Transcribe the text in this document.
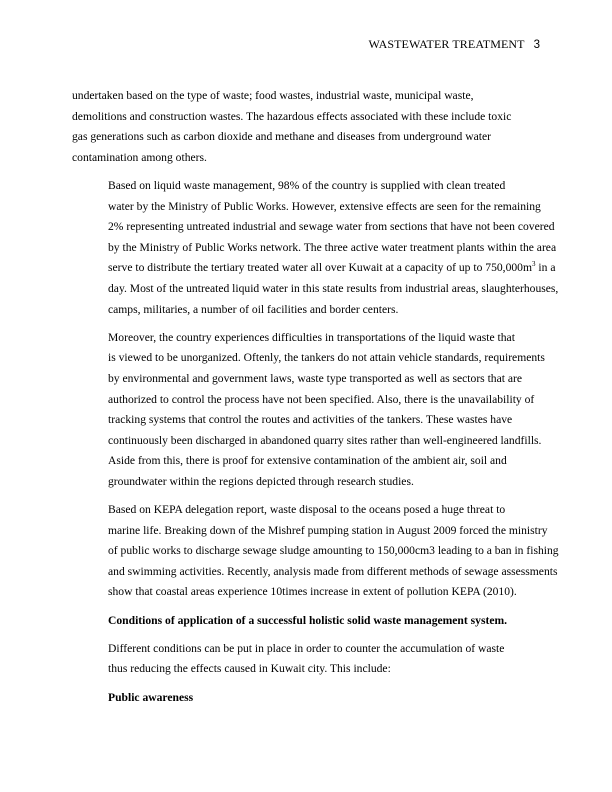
WASTEWATER TREATMENT 3

undertaken based on the type of waste; food wastes, industrial waste, municipal waste,
demolitions and construction wastes. The hazardous effects associated with these include toxic
gas generations such as carbon dioxide and methane and diseases from underground water
contamination among others.

Based on liquid waste management, 98% of the country is supplied with clean treated
water by the Ministry of Public Works. However, extensive effects are seen for the remaining
2% representing untreated industrial and sewage water from sections that have not been covered
by the Ministry of Public Works network. The three active water treatment plants within the area
serve to distribute the tertiary treated water all over Kuwait at a capacity of up to $750,000m^3$ in a
day. Most of the untreated liquid water in this state results from industrial areas, slaughterhouses,
camps, militaries, a number of oil facilities and border centers.

Moreover, the country experiences difficulties in transportations of the liquid waste that
is viewed to be unorganized. Oftenly, the tankers do not attain vehicle standards, requirements
by environmental and government laws, waste type transported as well as sectors that are
authorized to control the process have not been specified. Also, there is the unavailability of
tracking systems that control the routes and activities of the tankers. These wastes have
continuously been discharged in abandoned quarry sites rather than well-engineered landfills.
Aside from this, there is proof for extensive contamination of the ambient air, soil and
groundwater within the regions depicted through research studies.

Based on KEPA delegation report, waste disposal to the oceans posed a huge threat to
marine life. Breaking down of the Mishref pumping station in August 2009 forced the ministry
of public works to discharge sewage sludge amounting to 150,000cm3 leading to a ban in fishing
and swimming activities. Recently, analysis made from different methods of sewage assessments
show that coastal areas experience 10times increase in extent of pollution KEPA (2010).

Conditions of application of a successful holistic solid waste management system.

Different conditions can be put in place in order to counter the accumulation of waste
thus reducing the effects caused in Kuwait city. This include:

Public awareness
